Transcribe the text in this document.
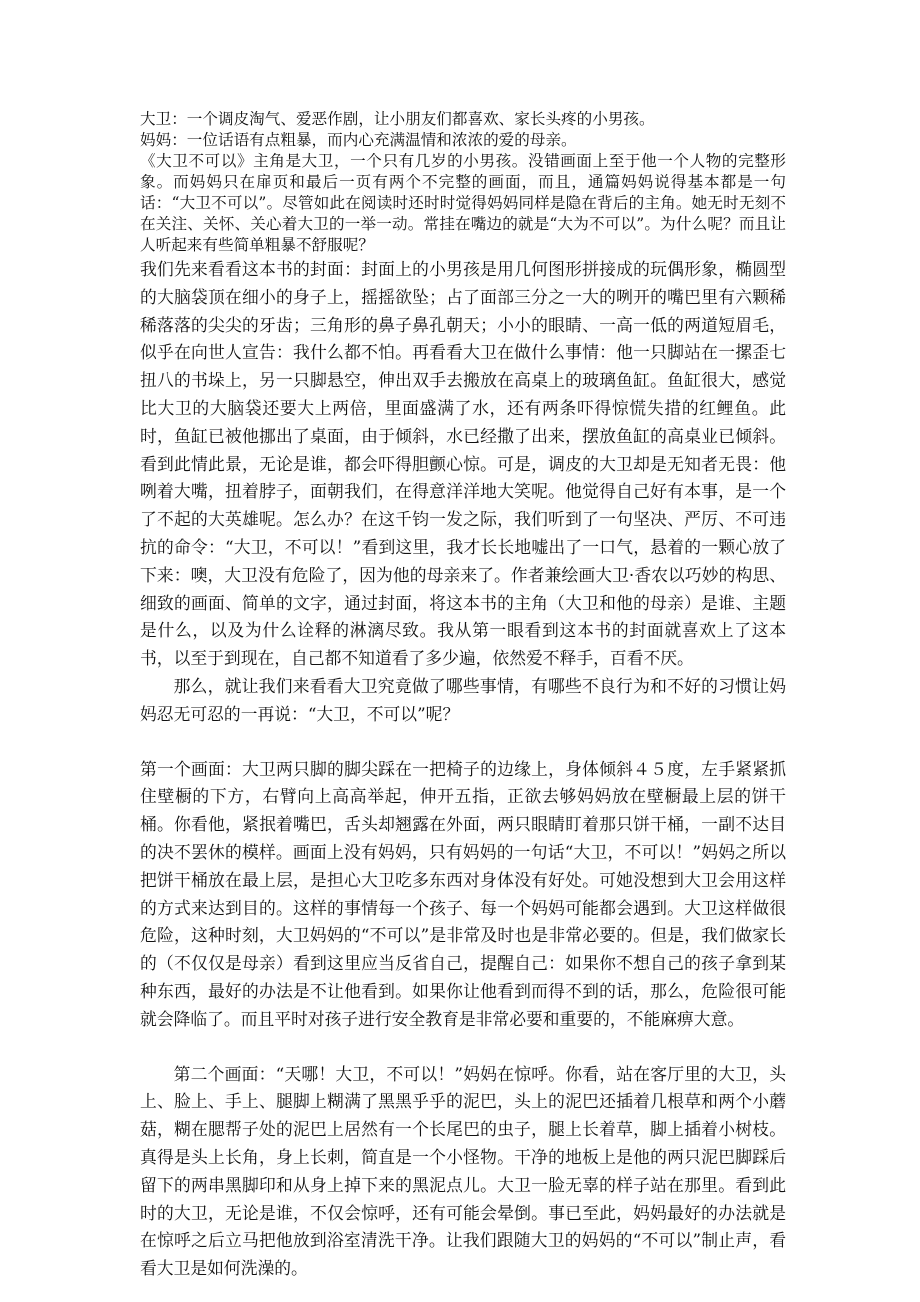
大卫：一个调皮淘气、爱恶作剧，让小朋友们都喜欢、家长头疼的小男孩。

妈妈：一位话语有点粗暴，而内心充满温情和浓浓的爱的母亲。

《大卫不可以》主角是大卫，一个只有几岁的小男孩。没错画面上至于他一个人物的完整形象。而妈妈只在扉页和最后一页有两个不完整的画面，而且，通篇妈妈说得基本都是一句话：“大卫不可以”。尽管如此在阅读时还时时觉得妈妈同样是隐在背后的主角。她无时无刻不在关注、关怀、关心着大卫的一举一动。常挂在嘴边的就是“大为不可以”。为什么呢？而且让人听起来有些简单粗暴不舒服呢？

我们先来看看这本书的封面：封面上的小男孩是用几何图形拼接成的玩偶形象，椭圆型的大脑袋顶在细小的身子上，摇摇欲坠；占了面部三分之一大的咧开的嘴巴里有六颗稀稀落落的尖尖的牙齿；三角形的鼻子鼻孔朝天；小小的眼睛、一高一低的两道短眉毛，似乎在向世人宣告：我什么都不怕。再看看大卫在做什么事情：他一只脚站在一摞歪七扭八的书垛上，另一只脚悬空，伸出双手去搬放在高桌上的玻璃鱼缸。鱼缸很大，感觉比大卫的大脑袋还要大上两倍，里面盛满了水，还有两条吓得惊慌失措的红鲤鱼。此时，鱼缸已被他挪出了桌面，由于倾斜，水已经撒了出来，摆放鱼缸的高桌业已倾斜。看到此情此景，无论是谁，都会吓得胆颤心惊。可是，调皮的大卫却是无知者无畏：他咧着大嘴，扭着脖子，面朝我们，在得意洋洋地大笑呢。他觉得自己好有本事，是一个了不起的大英雄呢。怎么办？在这千钧一发之际，我们听到了一句坚决、严厉、不可违抗的命令：“大卫，不可以！”看到这里，我才长长地嘘出了一口气，悬着的一颗心放了下来：噢，大卫没有危险了，因为他的母亲来了。作者兼绘画大卫·香农以巧妙的构思、细致的画面、简单的文字，通过封面，将这本书的主角（大卫和他的母亲）是谁、主题是什么，以及为什么诠释的淋漓尽致。我从第一眼看到这本书的封面就喜欢上了这本书，以至于到现在，自己都不知道看了多少遍，依然爱不释手，百看不厌。

那么，就让我们来看看大卫究竟做了哪些事情，有哪些不良行为和不好的习惯让妈妈忍无可忍的一再说：“大卫，不可以”呢？

第一个画面：大卫两只脚的脚尖踩在一把椅子的边缘上，身体倾斜４５度，左手紧紧抓住壁橱的下方，右臂向上高高举起，伸开五指，正欲去够妈妈放在壁橱最上层的饼干桶。你看他，紧抿着嘴巴，舌头却翘露在外面，两只眼睛盯着那只饼干桶，一副不达目的决不罢休的模样。画面上没有妈妈，只有妈妈的一句话“大卫，不可以！”妈妈之所以把饼干桶放在最上层，是担心大卫吃多东西对身体没有好处。可她没想到大卫会用这样的方式来达到目的。这样的事情每一个孩子、每一个妈妈可能都会遇到。大卫这样做很危险，这种时刻，大卫妈妈的“不可以”是非常及时也是非常必要的。但是，我们做家长的（不仅仅是母亲）看到这里应当反省自己，提醒自己：如果你不想自己的孩子拿到某种东西，最好的办法是不让他看到。如果你让他看到而得不到的话，那么，危险很可能就会降临了。而且平时对孩子进行安全教育是非常必要和重要的，不能麻痹大意。

第二个画面：“天哪！大卫，不可以！”妈妈在惊呼。你看，站在客厅里的大卫，头上、脸上、手上、腿脚上糊满了黑黑乎乎的泥巴，头上的泥巴还插着几根草和两个小蘑菇，糊在腮帮子处的泥巴上居然有一个长尾巴的虫子，腿上长着草，脚上插着小树枝。真得是头上长角，身上长刺，简直是一个小怪物。干净的地板上是他的两只泥巴脚踩后留下的两串黑脚印和从身上掉下来的黑泥点儿。大卫一脸无辜的样子站在那里。看到此时的大卫，无论是谁，不仅会惊呼，还有可能会晕倒。事已至此，妈妈最好的办法就是在惊呼之后立马把他放到浴室清洗干净。让我们跟随大卫的妈妈的“不可以”制止声，看看大卫是如何洗澡的。
